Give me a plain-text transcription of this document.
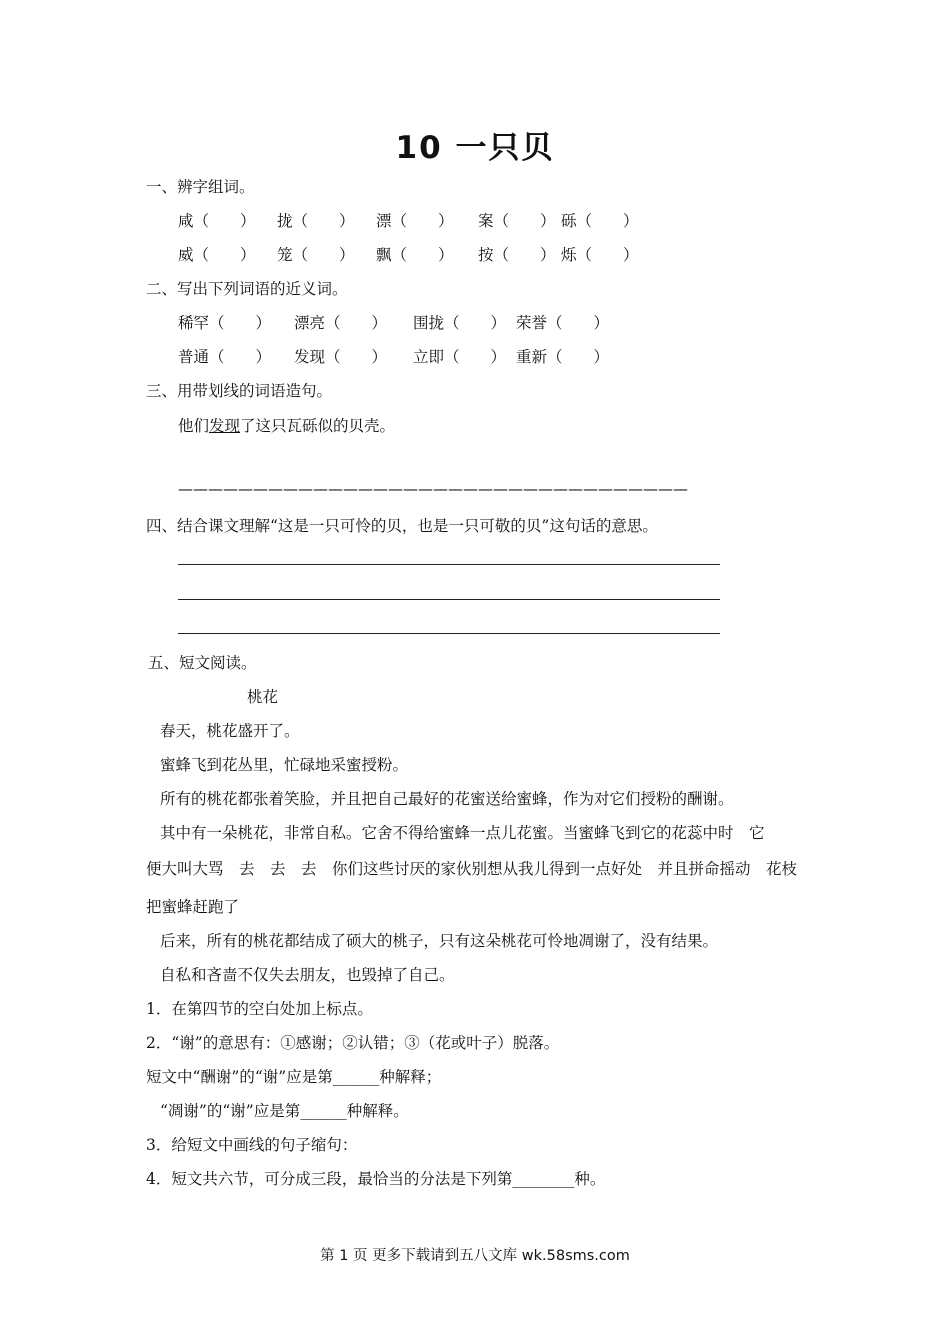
10 一只贝
一、辨字组词。
咸（　　） 拢（　　） 漂（　　） 案（　　） 砾（　　）
威（　　） 笼（　　） 飘（　　） 按（　　） 烁（　　）
二、写出下列词语的近义词。
稀罕（　　） 漂亮（　　） 围拢（　　） 荣誉（　　）
普通（　　） 发现（　　） 立即（　　） 重新（　　）
三、用带划线的词语造句。
他们发现了这只瓦砾似的贝壳。
——————————————————————————————————
四、结合课文理解“这是一只可怜的贝，也是一只可敬的贝”这句话的意思。
五、短文阅读。
桃花
春天，桃花盛开了。
蜜蜂飞到花丛里，忙碌地采蜜授粉。
所有的桃花都张着笑脸，并且把自己最好的花蜜送给蜜蜂，作为对它们授粉的酬谢。
其中有一朵桃花，非常自私。它舍不得给蜜蜂一点儿花蜜。当蜜蜂飞到它的花蕊中时　它
便大叫大骂　去　去　去　你们这些讨厌的家伙别想从我儿得到一点好处　并且拼命摇动　花枝
把蜜蜂赶跑了
后来，所有的桃花都结成了硕大的桃子，只有这朵桃花可怜地凋谢了，没有结果。
自私和吝啬不仅失去朋友，也毁掉了自己。
1．在第四节的空白处加上标点。
2．“谢”的意思有：①感谢；②认错；③（花或叶子）脱落。
短文中“酬谢”的“谢”应是第______种解释；
“凋谢”的“谢”应是第______种解释。
3．给短文中画线的句子缩句：
4．短文共六节，可分成三段，最恰当的分法是下列第________种。
第 1 页 更多下载请到五八文库 wk.58sms.com
